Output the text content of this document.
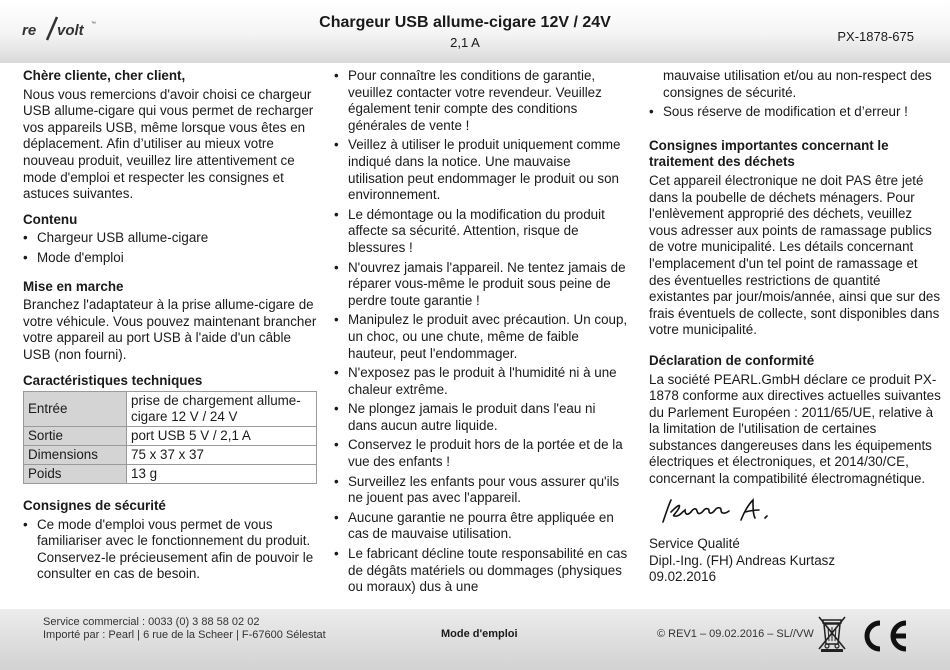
re volt ™	Chargeur USB allume-cigare 12V / 24V
2,1 A	PX-1878-675
Chère cliente, cher client,

Nous vous remercions d'avoir choisi ce chargeur USB allume-cigare qui vous permet de recharger vos appareils USB, même lorsque vous êtes en déplacement. Afin d’utiliser au mieux votre nouveau produit, veuillez lire attentivement ce mode d'emploi et respecter les consignes et astuces suivantes.

Contenu
• Chargeur USB allume-cigare
• Mode d'emploi
Mise en marche

Branchez l'adaptateur à la prise allume-cigare de votre véhicule. Vous pouvez maintenant brancher votre appareil au port USB à l'aide d'un câble USB (non fourni).

Caractéristiques techniques
Entrée	prise de chargement allume-cigare 12 V / 24 V
Sortie	port USB 5 V / 2,1 A
Dimensions	75 x 37 x 37
Poids	13 g
Consignes de sécurité
• Ce mode d'emploi vous permet de vous familiariser avec le fonctionnement du produit. Conservez-le précieusement afin de pouvoir le consulter en cas de besoin.
• Pour connaître les conditions de garantie, veuillez contacter votre revendeur. Veuillez également tenir compte des conditions générales de vente !
• Veillez à utiliser le produit uniquement comme indiqué dans la notice. Une mauvaise utilisation peut endommager le produit ou son environnement.
• Le démontage ou la modification du produit affecte sa sécurité. Attention, risque de blessures !
• N'ouvrez jamais l'appareil. Ne tentez jamais de réparer vous-même le produit sous peine de perdre toute garantie !
• Manipulez le produit avec précaution. Un coup, un choc, ou une chute, même de faible hauteur, peut l'endommager.
• N'exposez pas le produit à l'humidité ni à une chaleur extrême.
• Ne plongez jamais le produit dans l'eau ni dans aucun autre liquide.
• Conservez le produit hors de la portée et de la vue des enfants !
• Surveillez les enfants pour vous assurer qu'ils ne jouent pas avec l'appareil.
• Aucune garantie ne pourra être appliquée en cas de mauvaise utilisation.
• Le fabricant décline toute responsabilité en cas de dégâts matériels ou dommages (physiques ou moraux) dus à une

mauvaise utilisation et/ou au non-respect des consignes de sécurité.

• Sous réserve de modification et d’erreur !
Consignes importantes concernant le traitement des déchets

Cet appareil électronique ne doit PAS être jeté dans la poubelle de déchets ménagers. Pour l'enlèvement approprié des déchets, veuillez vous adresser aux points de ramassage publics de votre municipalité. Les détails concernant l'emplacement d'un tel point de ramassage et des éventuelles restrictions de quantité existantes par jour/mois/année, ainsi que sur des frais éventuels de collecte, sont disponibles dans votre municipalité.

Déclaration de conformité

La société PEARL.GmbH déclare ce produit PX-1878 conforme aux directives actuelles suivantes du Parlement Européen : 2011/65/UE, relative à la limitation de l'utilisation de certaines substances dangereuses dans les équipements électriques et électroniques, et 2014/30/CE, concernant la compatibilité électromagnétique.

Service Qualité

Dipl.-Ing. (FH) Andreas Kurtasz

09.02.2016

Service commercial : 0033 (0) 3 88 58 02 02
Importé par : Pearl | 6 rue de la Scheer | F-67600 Sélestat	Mode d'emploi	© REV1 – 09.02.2016 – SL//VW
